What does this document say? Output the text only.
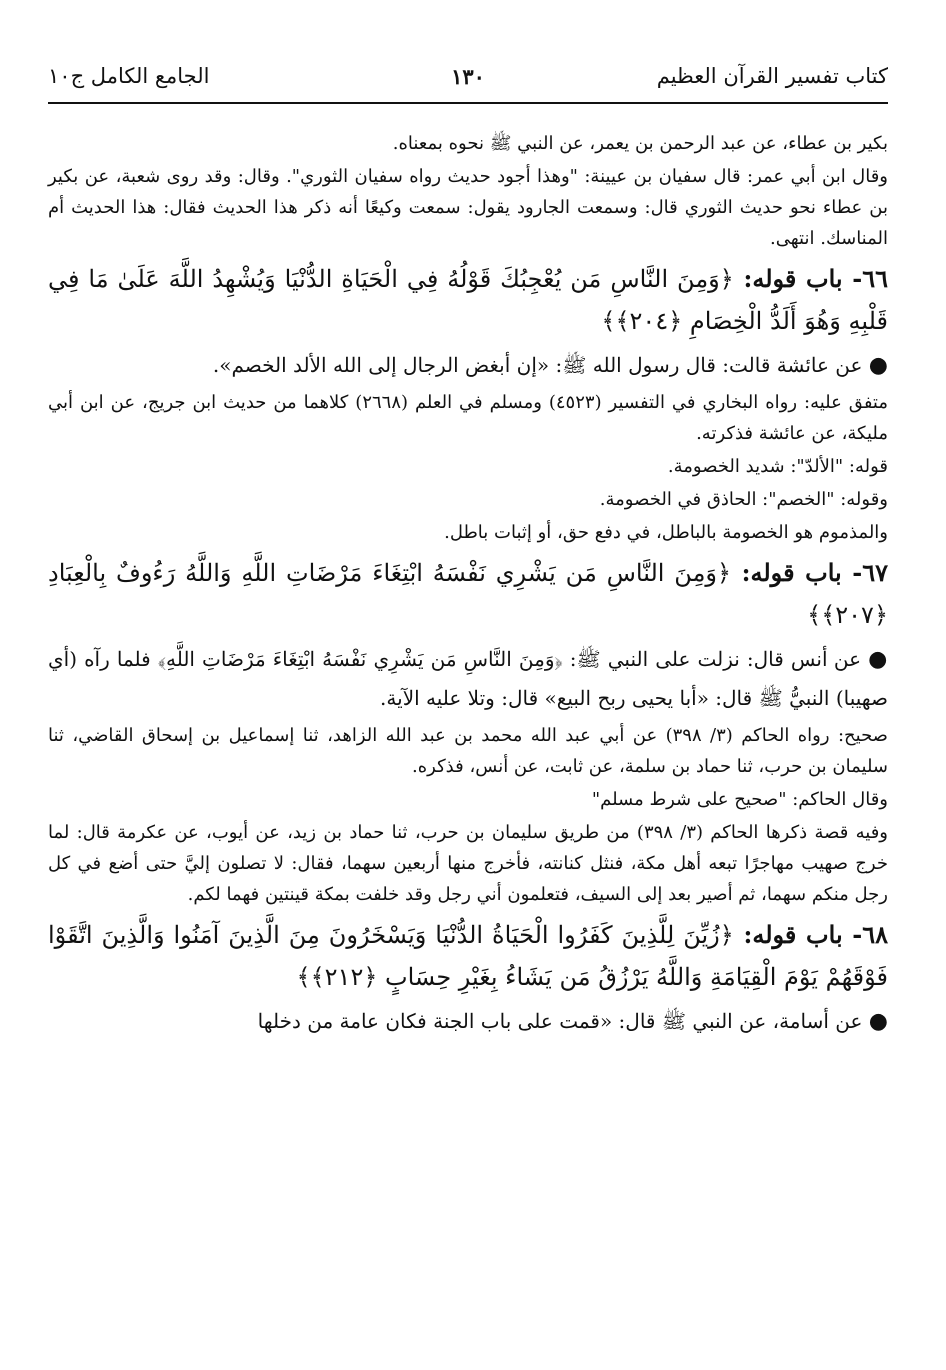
كتاب تفسير القرآن العظيم
١٣٠
الجامع الكامل ج١٠

بكير بن عطاء، عن عبد الرحمن بن يعمر، عن النبي ﷺ نحوه بمعناه.

وقال ابن أبي عمر: قال سفيان بن عيينة: "وهذا أجود حديث رواه سفيان الثوري". وقال: وقد روى شعبة، عن بكير بن عطاء نحو حديث الثوري قال: وسمعت الجارود يقول: سمعت وكيعًا أنه ذكر هذا الحديث فقال: هذا الحديث أم المناسك. انتهى.

٦٦- باب قوله: ﴿وَمِنَ النَّاسِ مَن يُعْجِبُكَ قَوْلُهُ فِي الْحَيَاةِ الدُّنْيَا وَيُشْهِدُ اللَّهَ عَلَىٰ مَا فِي قَلْبِهِ وَهُوَ أَلَدُّ الْخِصَامِ ﴿٢٠٤﴾﴾

● عن عائشة قالت: قال رسول الله ﷺ: «إن أبغض الرجال إلى الله الألد الخصم».

متفق عليه: رواه البخاري في التفسير (٤٥٢٣) ومسلم في العلم (٢٦٦٨) كلاهما من حديث ابن جريج، عن ابن أبي مليكة، عن عائشة فذكرته.

قوله: "الألدّ": شديد الخصومة.

وقوله: "الخصم": الحاذق في الخصومة.

والمذموم هو الخصومة بالباطل، في دفع حق، أو إثبات باطل.

٦٧- باب قوله: ﴿وَمِنَ النَّاسِ مَن يَشْرِي نَفْسَهُ ابْتِغَاءَ مَرْضَاتِ اللَّهِ وَاللَّهُ رَءُوفٌ بِالْعِبَادِ ﴿٢٠٧﴾﴾

● عن أنس قال: نزلت على النبي ﷺ: ﴿وَمِنَ النَّاسِ مَن يَشْرِي نَفْسَهُ ابْتِغَاءَ مَرْضَاتِ اللَّهِ﴾ فلما رآه (أي صهيبا) النبيُّ ﷺ قال: «أبا يحيى ربح البيع» قال: وتلا عليه الآية.

صحيح: رواه الحاكم (٣/ ٣٩٨) عن أبي عبد الله محمد بن عبد الله الزاهد، ثنا إسماعيل بن إسحاق القاضي، ثنا سليمان بن حرب، ثنا حماد بن سلمة، عن ثابت، عن أنس، فذكره.

وقال الحاكم: "صحيح على شرط مسلم"

وفيه قصة ذكرها الحاكم (٣/ ٣٩٨) من طريق سليمان بن حرب، ثنا حماد بن زيد، عن أيوب، عن عكرمة قال: لما خرج صهيب مهاجرًا تبعه أهل مكة، فنثل كنانته، فأخرج منها أربعين سهما، فقال: لا تصلون إليَّ حتى أضع في كل رجل منكم سهما، ثم أصير بعد إلى السيف، فتعلمون أني رجل وقد خلفت بمكة قينتين فهما لكم.

٦٨- باب قوله: ﴿زُيِّنَ لِلَّذِينَ كَفَرُوا الْحَيَاةُ الدُّنْيَا وَيَسْخَرُونَ مِنَ الَّذِينَ آمَنُوا وَالَّذِينَ اتَّقَوْا فَوْقَهُمْ يَوْمَ الْقِيَامَةِ وَاللَّهُ يَرْزُقُ مَن يَشَاءُ بِغَيْرِ حِسَابٍ ﴿٢١٢﴾﴾

● عن أسامة، عن النبي ﷺ قال: «قمت على باب الجنة فكان عامة من دخلها
